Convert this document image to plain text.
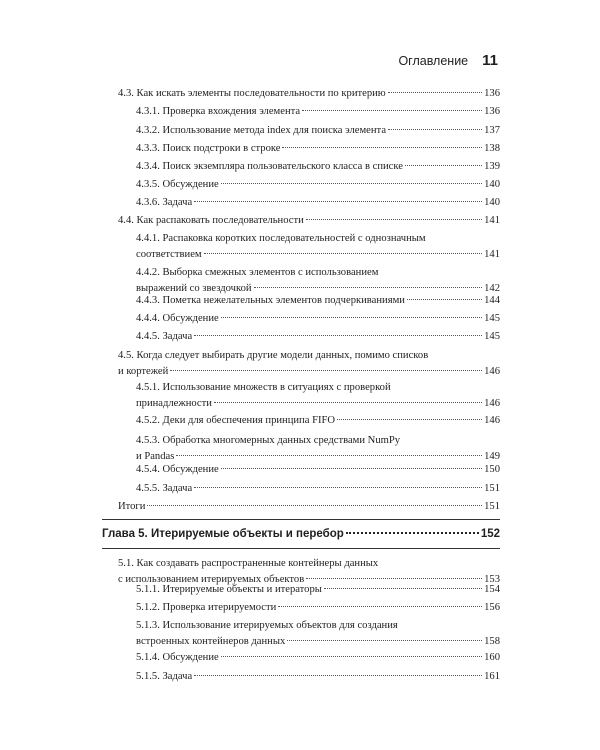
Оглавление 11
4.3. Как искать элементы последовательности по критерию	136
4.3.1. Проверка вхождения элемента	136
4.3.2. Использование метода index для поиска элемента	137
4.3.3. Поиск подстроки в строке	138
4.3.4. Поиск экземпляра пользовательского класса в списке	139
4.3.5. Обсуждение	140
4.3.6. Задача	140
4.4. Как распаковать последовательности	141
4.4.1. Распаковка коротких последовательностей с однозначным
соответствием	141
4.4.2. Выборка смежных элементов с использованием
выражений со звездочкой	142
4.4.3. Пометка нежелательных элементов подчеркиваниями	144
4.4.4. Обсуждение	145
4.4.5. Задача	145
4.5. Когда следует выбирать другие модели данных, помимо списков
и кортежей	146
4.5.1. Использование множеств в ситуациях с проверкой
принадлежности	146
4.5.2. Деки для обеспечения принципа FIFO	146
4.5.3. Обработка многомерных данных средствами NumPy
и Pandas	149
4.5.4. Обсуждение	150
4.5.5. Задача	151
Итоги	151
Глава 5. Итерируемые объекты и перебор	152
5.1. Как создавать распространенные контейнеры данных
с использованием итерируемых объектов	153
5.1.1. Итерируемые объекты и итераторы	154
5.1.2. Проверка итерируемости	156
5.1.3. Использование итерируемых объектов для создания
встроенных контейнеров данных	158
5.1.4. Обсуждение	160
5.1.5. Задача	161
